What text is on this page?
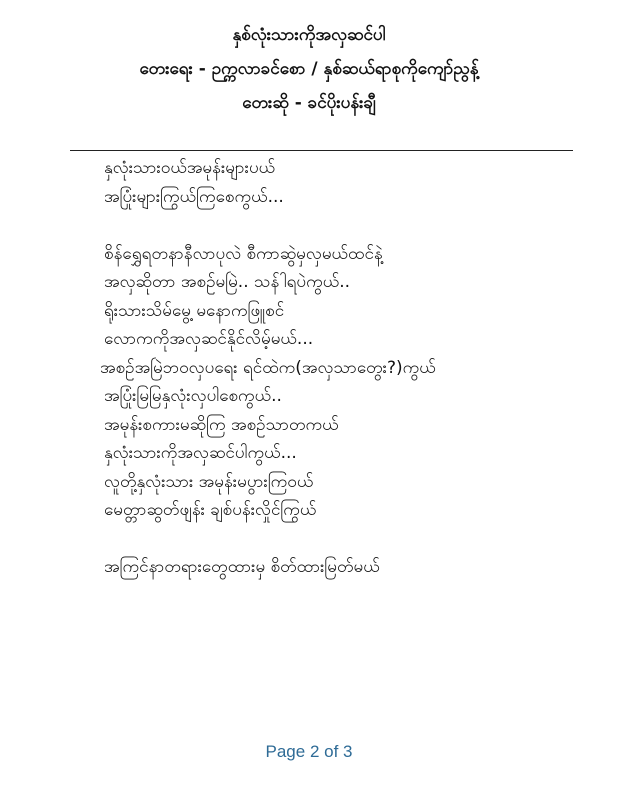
နှစ်လုံးသားကိုအလှဆင်ပါ
တေးရေး - ဉက္ကလာခင်စော / နှစ်ဆယ်ရာစုကိုကျော်ညွန့်
တေးဆို - ခင်ပိုးပန်းချီ
နှလုံးသားဝယ်အမုန်းများပယ်
အပြုံးများကြွယ်ကြစေကွယ်...
စိန်ရွှေရတနာနီလာပုလဲ စီကာဆွဲမှလှမယ်ထင်နဲ့
အလှဆိုတာ အစဉ်မမြဲ.. သန်ါရပဲကွယ်..
ရိုးသားသိမ်မွေ့ မနောကဖြူစင်
လောကကိုအလှဆင်နိုင်လိမ့်မယ်...
အစဉ်အမြဲဘဝလှပရေး ရင်ထဲက(အလှသာတွေး?)ကွယ်
အပြုံးမြမြနှလုံးလှပါစေကွယ်..
အမုန်းစကားမဆိုကြ အစဉ်သာတကယ်
နှလုံးသားကိုအလှဆင်ပါကွယ်...
လူတို့နှလုံးသား အမုန်းမပွားကြဝယ်
မေတ္တာဆွတ်ဖျန်း ချစ်ပန်းလှိုင်ကြွယ်
အကြင်နာတရားတွေထားမှ စိတ်ထားမြတ်မယ်
Page 2 of 3
